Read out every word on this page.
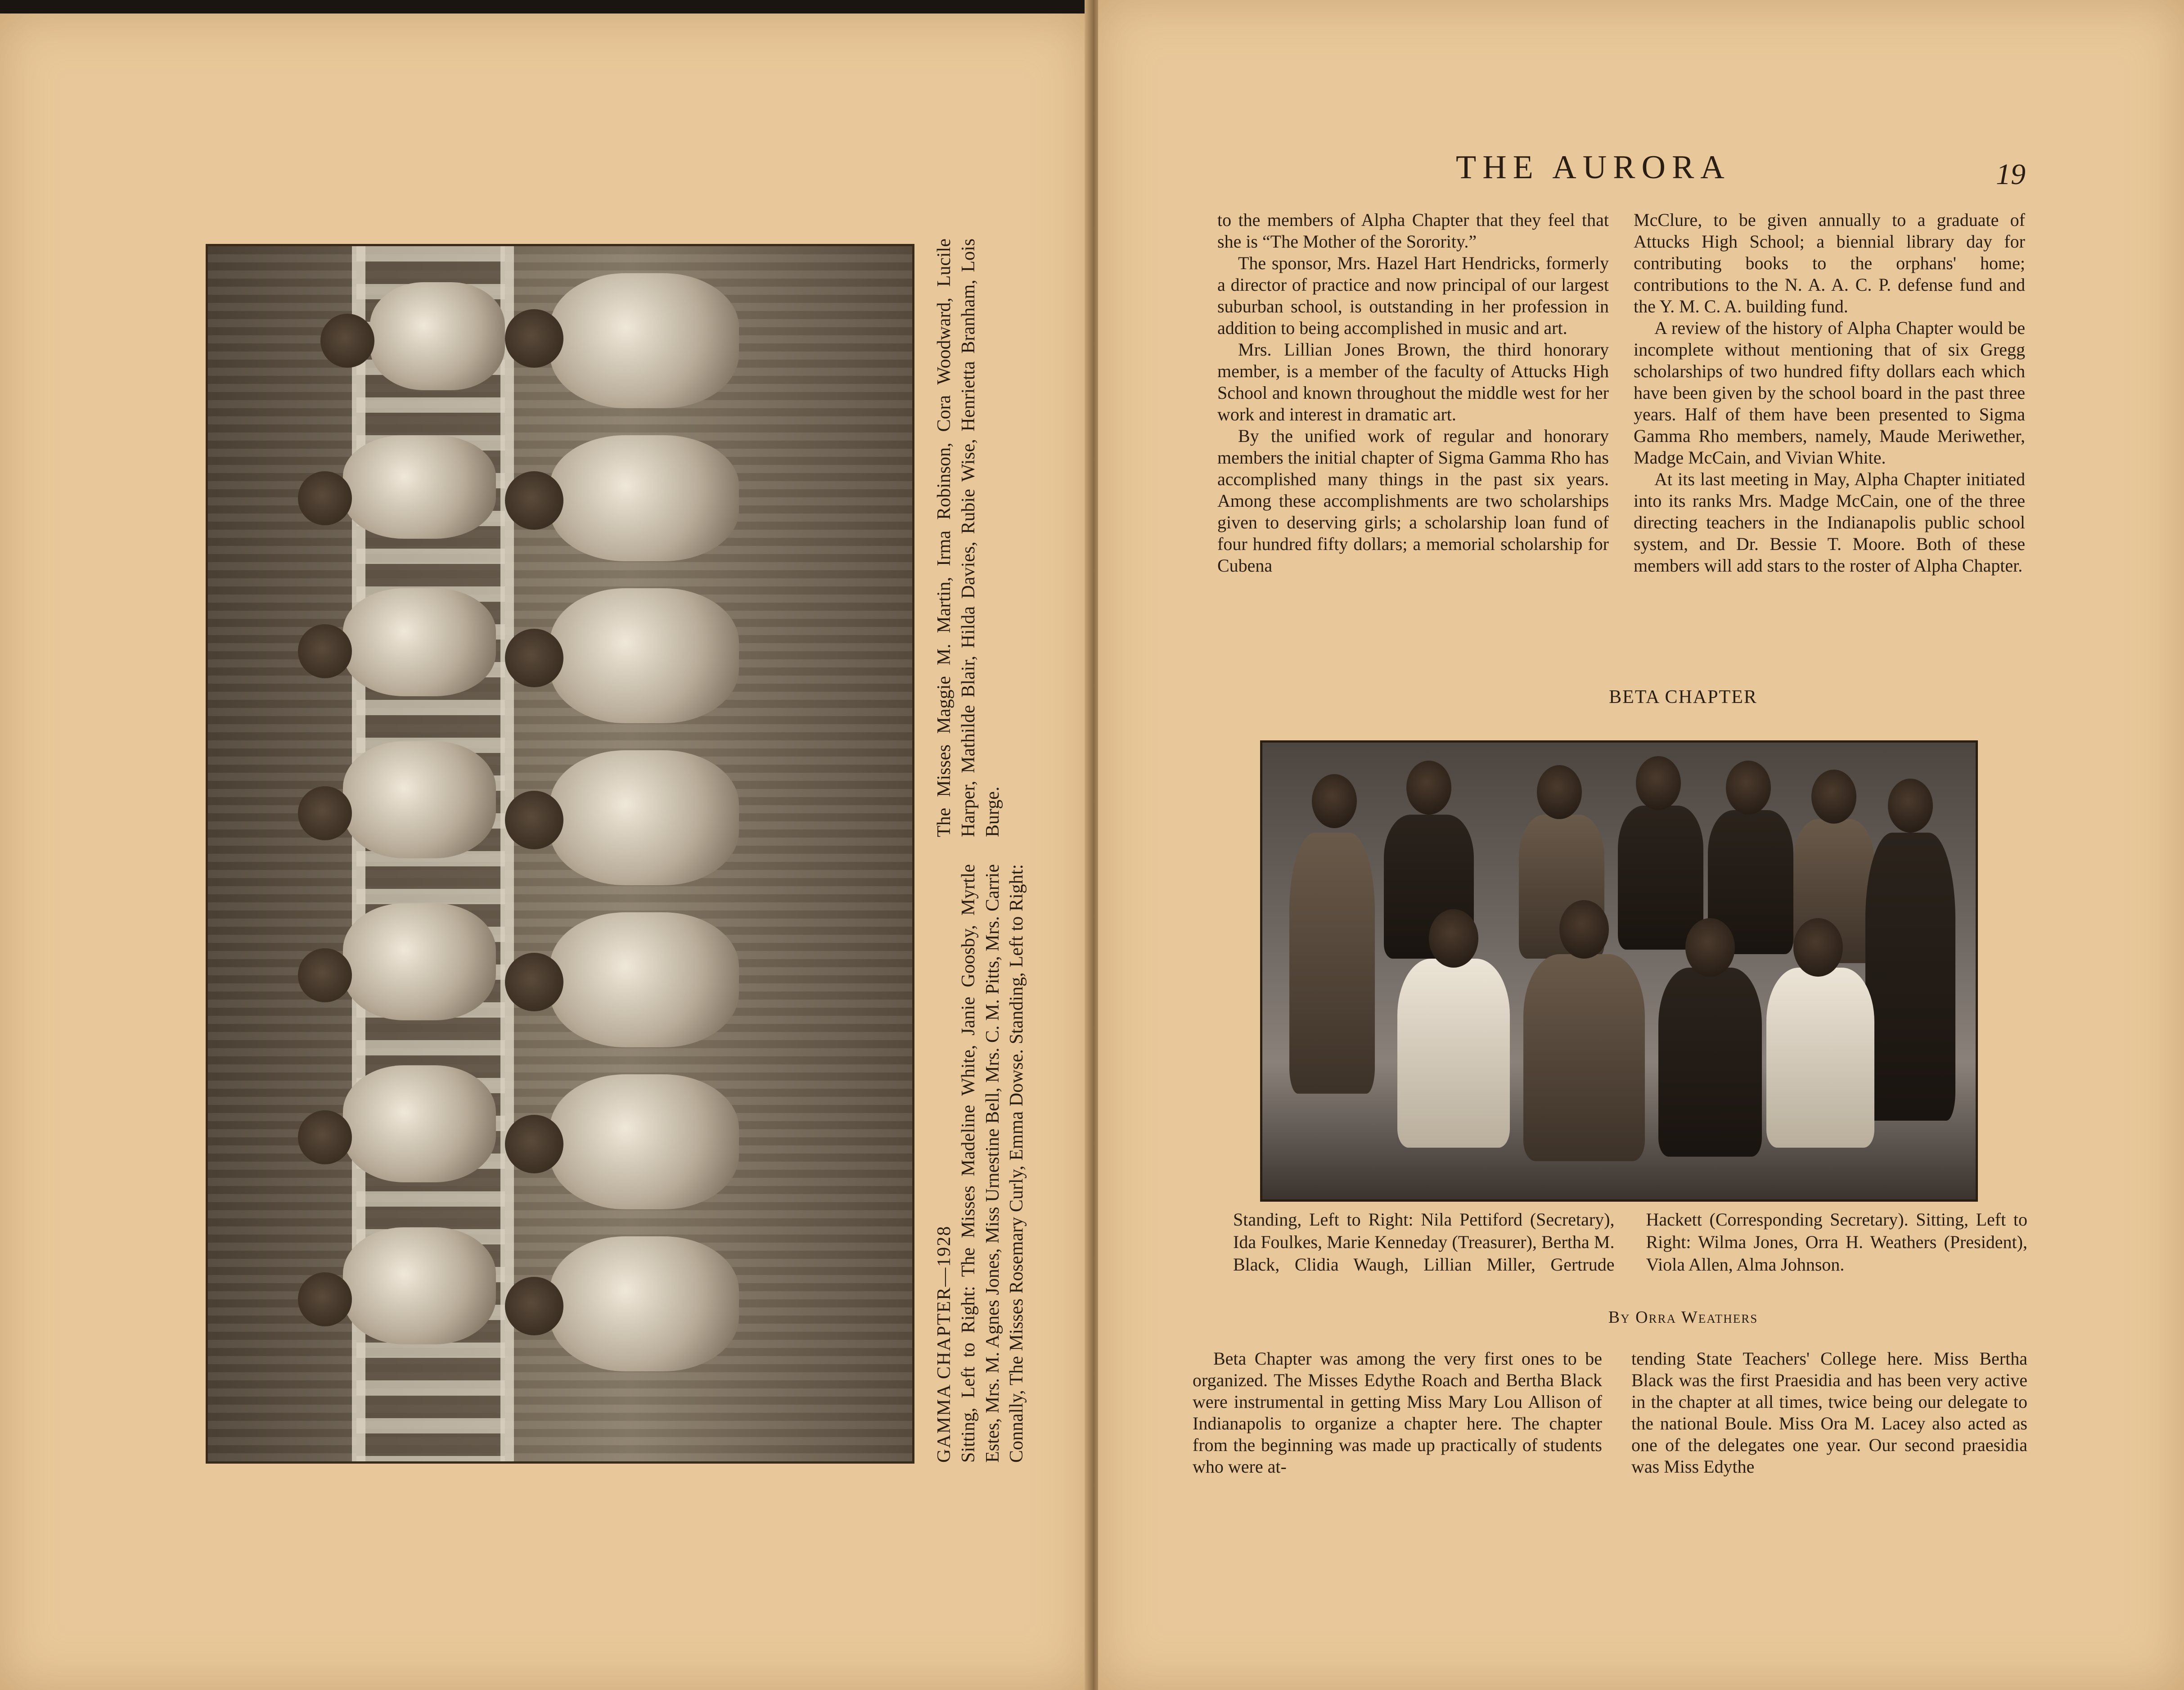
GAMMA CHAPTER—1928 Sitting, Left to Right: The Misses Madeline White, Janie Goosby, Myrtle Estes, Mrs. M. Agnes Jones, Miss Urnestine Bell, Mrs. C. M. Pitts, Mrs. Carrie Connally, The Misses Rosemary Curly, Emma Dowse. Standing, Left to Right: The Misses Maggie M. Martin, Irma Robinson, Cora Woodward, Lucile Harper, Mathilde Blair, Hilda Davies, Rubie Wise, Henrietta Branham, Lois Burge.
THE AURORA	19

to the members of Alpha Chapter that they feel that she is “The Mother of the Sorority.”

The sponsor, Mrs. Hazel Hart Hendricks, formerly a director of practice and now principal of our largest suburban school, is outstanding in her profession in addition to being accomplished in music and art.

Mrs. Lillian Jones Brown, the third honorary member, is a member of the faculty of Attucks High School and known throughout the middle west for her work and interest in dramatic art.

By the unified work of regular and honorary members the initial chapter of Sigma Gamma Rho has accomplished many things in the past six years. Among these accomplishments are two scholarships given to deserving girls; a scholarship loan fund of four hundred fifty dollars; a memorial scholarship for Cubena

McClure, to be given annually to a graduate of Attucks High School; a biennial library day for contributing books to the orphans' home; contributions to the N. A. A. C. P. defense fund and the Y. M. C. A. building fund.

A review of the history of Alpha Chapter would be incomplete without mentioning that of six Gregg scholarships of two hundred fifty dollars each which have been given by the school board in the past three years. Half of them have been presented to Sigma Gamma Rho members, namely, Maude Meriwether, Madge McCain, and Vivian White.

At its last meeting in May, Alpha Chapter initiated into its ranks Mrs. Madge McCain, one of the three directing teachers in the Indianapolis public school system, and Dr. Bessie T. Moore. Both of these members will add stars to the roster of Alpha Chapter.

BETA CHAPTER
Standing, Left to Right: Nila Pettiford (Secretary), Ida Foulkes, Marie Kenneday (Treasurer), Bertha M. Black, Clidia Waugh, Lillian Miller, Gertrude Hackett (Corresponding Secretary). Sitting, Left to Right: Wilma Jones, Orra H. Weathers (President), Viola Allen, Alma Johnson.
By Orra Weathers

Beta Chapter was among the very first ones to be organized. The Misses Edythe Roach and Bertha Black were instrumental in getting Miss Mary Lou Allison of Indianapolis to organize a chapter here. The chapter from the beginning was made up practically of students who were at-

tending State Teachers' College here. Miss Bertha Black was the first Praesidia and has been very active in the chapter at all times, twice being our delegate to the national Boule. Miss Ora M. Lacey also acted as one of the delegates one year. Our second praesidia was Miss Edythe
